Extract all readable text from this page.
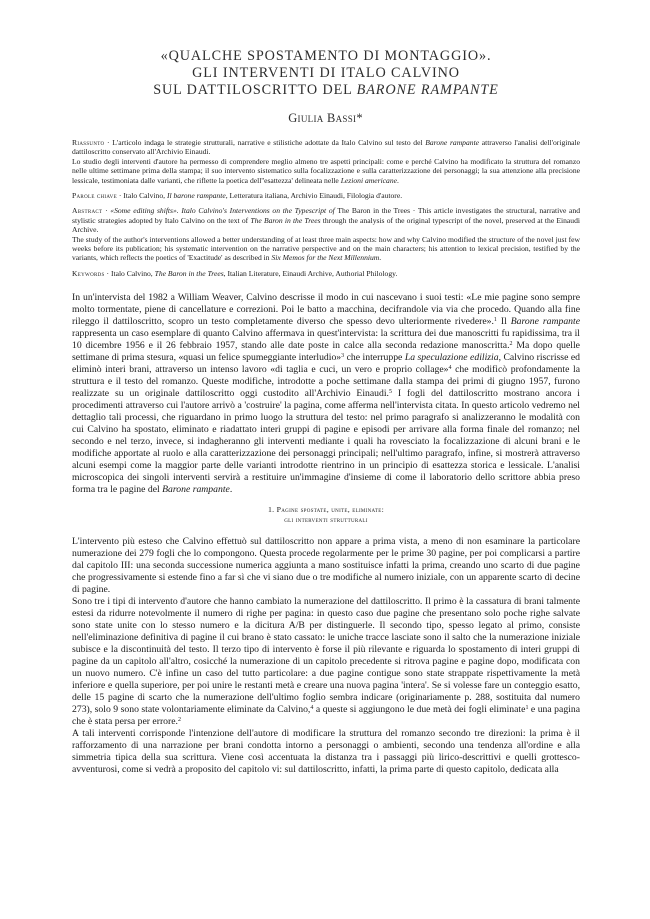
«QUALCHE SPOSTAMENTO DI MONTAGGIO».
GLI INTERVENTI DI ITALO CALVINO
SUL DATTILOSCRITTO DEL BARONE RAMPANTE
Giulia Bassi*

Riassunto · L'articolo indaga le strategie strutturali, narrative e stilistiche adottate da Italo Calvino sul testo del Barone rampante attraverso l'analisi dell'originale dattiloscritto conservato all'Archivio Einaudi.

Lo studio degli interventi d'autore ha permesso di comprendere meglio almeno tre aspetti principali: come e perché Calvino ha modificato la struttura del romanzo nelle ultime settimane prima della stampa; il suo intervento sistematico sulla focalizzazione e sulla caratterizzazione dei personaggi; la sua attenzione alla precisione lessicale, testimoniata dalle varianti, che riflette la poetica dell''esattezza' delineata nelle Lezioni americane.

Parole chiave · Italo Calvino, Il barone rampante, Letteratura italiana, Archivio Einaudi, Filologia d'autore.

Abstract · «Some editing shifts». Italo Calvino's Interventions on the Typescript of The Baron in the Trees · This article investigates the structural, narrative and stylistic strategies adopted by Italo Calvino on the text of The Baron in the Trees through the analysis of the original typescript of the novel, preserved at the Einaudi Archive.

The study of the author's interventions allowed a better understanding of at least three main aspects: how and why Calvino modified the structure of the novel just few weeks before its publication; his systematic intervention on the narrative perspective and on the main characters; his attention to lexical precision, testified by the variants, which reflects the poetics of 'Exactitude' as described in Six Memos for the Next Millennium.

Keywords · Italo Calvino, The Baron in the Trees, Italian Literature, Einaudi Archive, Authorial Philology.

In un'intervista del 1982 a William Weaver, Calvino descrisse il modo in cui nascevano i suoi testi: «Le mie pagine sono sempre molto tormentate, piene di cancellature e correzioni. Poi le batto a macchina, decifrandole via via che procedo. Quando alla fine rileggo il dattiloscritto, scopro un testo completamente diverso che spesso devo ulteriormente rivedere».$^1$ Il Barone rampante rappresenta un caso esemplare di quanto Calvino affermava in quest'intervista: la scrittura dei due manoscritti fu rapidissima, tra il 10 dicembre 1956 e il 26 febbraio 1957, stando alle date poste in calce alla seconda redazione manoscritta.$^2$ Ma dopo quelle settimane di prima stesura, «quasi un felice spumeggiante interludio»$^3$ che interruppe La speculazione edilizia, Calvino riscrisse ed eliminò interi brani, attraverso un intenso lavoro «di taglia e cuci, un vero e proprio collage»$^4$ che modificò profondamente la struttura e il testo del romanzo. Queste modifiche, introdotte a poche settimane dalla stampa dei primi di giugno 1957, furono realizzate su un originale dattiloscritto oggi custodito all'Archivio Einaudi.$^5$ I fogli del dattiloscritto mostrano ancora i procedimenti attraverso cui l'autore arrivò a 'costruire' la pagina, come afferma nell'intervista citata. In questo articolo vedremo nel dettaglio tali processi, che riguardano in primo luogo la struttura del testo: nel primo paragrafo si analizzeranno le modalità con cui Calvino ha spostato, eliminato e riadattato interi gruppi di pagine e episodi per arrivare alla forma finale del romanzo; nel secondo e nel terzo, invece, si indagheranno gli interventi mediante i quali ha rovesciato la focalizzazione di alcuni brani e le modifiche apportate al ruolo e alla caratterizzazione dei personaggi principali; nell'ultimo paragrafo, infine, si mostrerà attraverso alcuni esempi come la maggior parte delle varianti introdotte rientrino in un principio di esattezza storica e lessicale. L'analisi microscopica dei singoli interventi servirà a restituire un'immagine d'insieme di come il laboratorio dello scrittore abbia preso forma tra le pagine del Barone rampante.

1. Pagine spostate, unite, eliminate:
gli interventi strutturali

L'intervento più esteso che Calvino effettuò sul dattiloscritto non appare a prima vista, a meno di non esaminare la particolare numerazione dei 279 fogli che lo compongono. Questa procede regolarmente per le prime 30 pagine, per poi complicarsi a partire dal capitolo III: una seconda successione numerica aggiunta a mano sostituisce infatti la prima, creando uno scarto di due pagine che progressivamente si estende fino a far sì che vi siano due o tre modifiche al numero iniziale, con un apparente scarto di decine di pagine.

Sono tre i tipi di intervento d'autore che hanno cambiato la numerazione del dattiloscritto. Il primo è la cassatura di brani talmente estesi da ridurre notevolmente il numero di righe per pagina: in questo caso due pagine che presentano solo poche righe salvate sono state unite con lo stesso numero e la dicitura A/B per distinguerle. Il secondo tipo, spesso legato al primo, consiste nell'eliminazione definitiva di pagine il cui brano è stato cassato: le uniche tracce lasciate sono il salto che la numerazione iniziale subisce e la discontinuità del testo. Il terzo tipo di intervento è forse il più rilevante e riguarda lo spostamento di interi gruppi di pagine da un capitolo all'altro, cosicché la numerazione di un capitolo precedente si ritrova pagine e pagine dopo, modificata con un nuovo numero. C'è infine un caso del tutto particolare: a due pagine contigue sono state strappate rispettivamente la metà inferiore e quella superiore, per poi unire le restanti metà e creare una nuova pagina 'intera'. Se si volesse fare un conteggio esatto, delle 15 pagine di scarto che la numerazione dell'ultimo foglio sembra indicare (originariamente p. 288, sostituita dal numero 273), solo 9 sono state volontariamente eliminate da Calvino,$^4$ a queste si aggiungono le due metà dei fogli eliminate$^1$ e una pagina che è stata persa per errore.$^2$

A tali interventi corrisponde l'intenzione dell'autore di modificare la struttura del romanzo secondo tre direzioni: la prima è il rafforzamento di una narrazione per brani condotta intorno a personaggi o ambienti, secondo una tendenza all'ordine e alla simmetria tipica della sua scrittura. Viene così accentuata la distanza tra i passaggi più lirico-descrittivi e quelli grottesco-avventurosi, come si vedrà a proposito del capitolo vi: sul dattiloscritto, infatti, la prima parte di questo capitolo, dedicata alla
